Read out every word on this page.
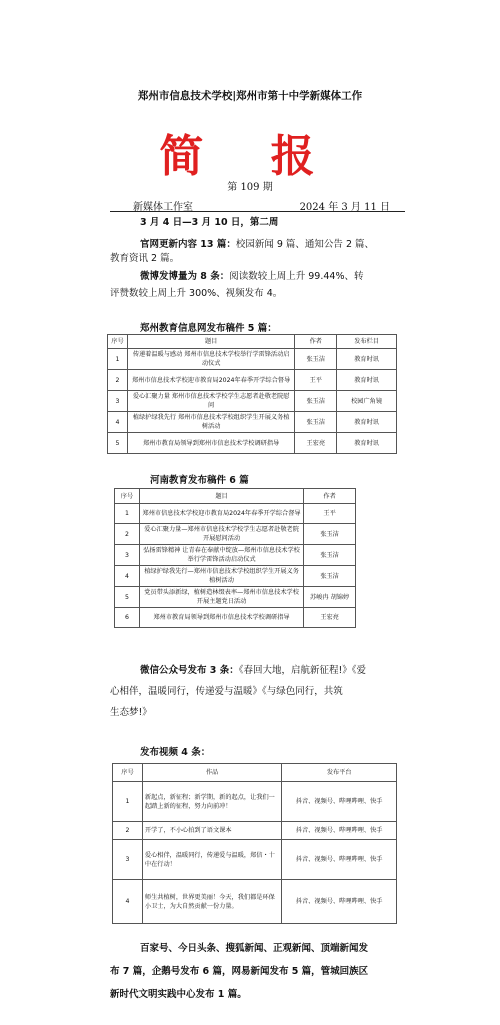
郑州市信息技术学校|郑州市第十中学新媒体工作
简 报
第 109 期
新媒体工作室	2024 年 3 月 11 日
3 月 4 日—3 月 10 日，第二周
官网更新内容 13 篇：校园新闻 9 篇、通知公告 2 篇、
教育资讯 2 篇。
微博发博量为 8 条：阅读数较上周上升 99.44%、转
评赞数较上周上升 300%、视频发布 4。
郑州教育信息网发布稿件 5 篇：
序号	题目	作者	发布栏目
1	传递着温暖与感动 郑州市信息技术学校举行学雷锋活动启动仪式	张玉洁	教育时讯
2	郑州市信息技术学校迎市教育局2024年春季开学综合督导	王平	教育时讯
3	爱心汇聚力量 郑州市信息技术学校学生志愿者赴敬老院慰问	张玉洁	校园广角镜
4	植绿护绿我先行 郑州市信息技术学校组织学生开展义务植树活动	张玉洁	教育时讯
5	郑州市教育局领导到郑州市信息技术学校调研指导	王宏亮	教育时讯
河南教育发布稿件 6 篇
序号	题目	作者
1	郑州市信息技术学校迎市教育局2024年春季开学综合督导	王平
2	爱心汇聚力量—郑州市信息技术学校学生志愿者赴敬老院开展慰问活动	张玉洁
3	弘扬雷锋精神 让青春在奉献中绽放—郑州市信息技术学校举行学雷锋活动启动仪式	张玉洁
4	植绿护绿我先行—郑州市信息技术学校组织学生开展义务植树活动	张玉洁
5	党员带头添新绿，植树造林缀表率—郑州市信息技术学校开展主题党日活动	苏峻冉 胡锦婷
6	郑州市教育局领导到郑州市信息技术学校调研指导	王宏亮
微信公众号发布 3 条：《春回大地，启航新征程!》《爱
心相伴，温暖同行，传递爱与温暖》《与绿色同行，共筑
生态梦!》
发布视频 4 条：
序号	作品	发布平台
1	新起点，新征程；新学期，新的起点，让我们一起踏上新的征程，努力向前冲！	抖音、视频号、哔哩哔哩、快手
2	开学了，不小心拍到了语文课本	抖音、视频号、哔哩哔哩、快手
3	爱心相伴，温暖同行，传递爱与温暖，郑信・十中在行动！	抖音、视频号、哔哩哔哩、快手
4	师生共植树，世界更美丽！今天，我们都是环保小卫士，为大自然贡献一份力量。	抖音、视频号、哔哩哔哩、快手
百家号、今日头条、搜狐新闻、正观新闻、顶端新闻发
布 7 篇，企鹅号发布 6 篇，网易新闻发布 5 篇，管城回族区
新时代文明实践中心发布 1 篇。
